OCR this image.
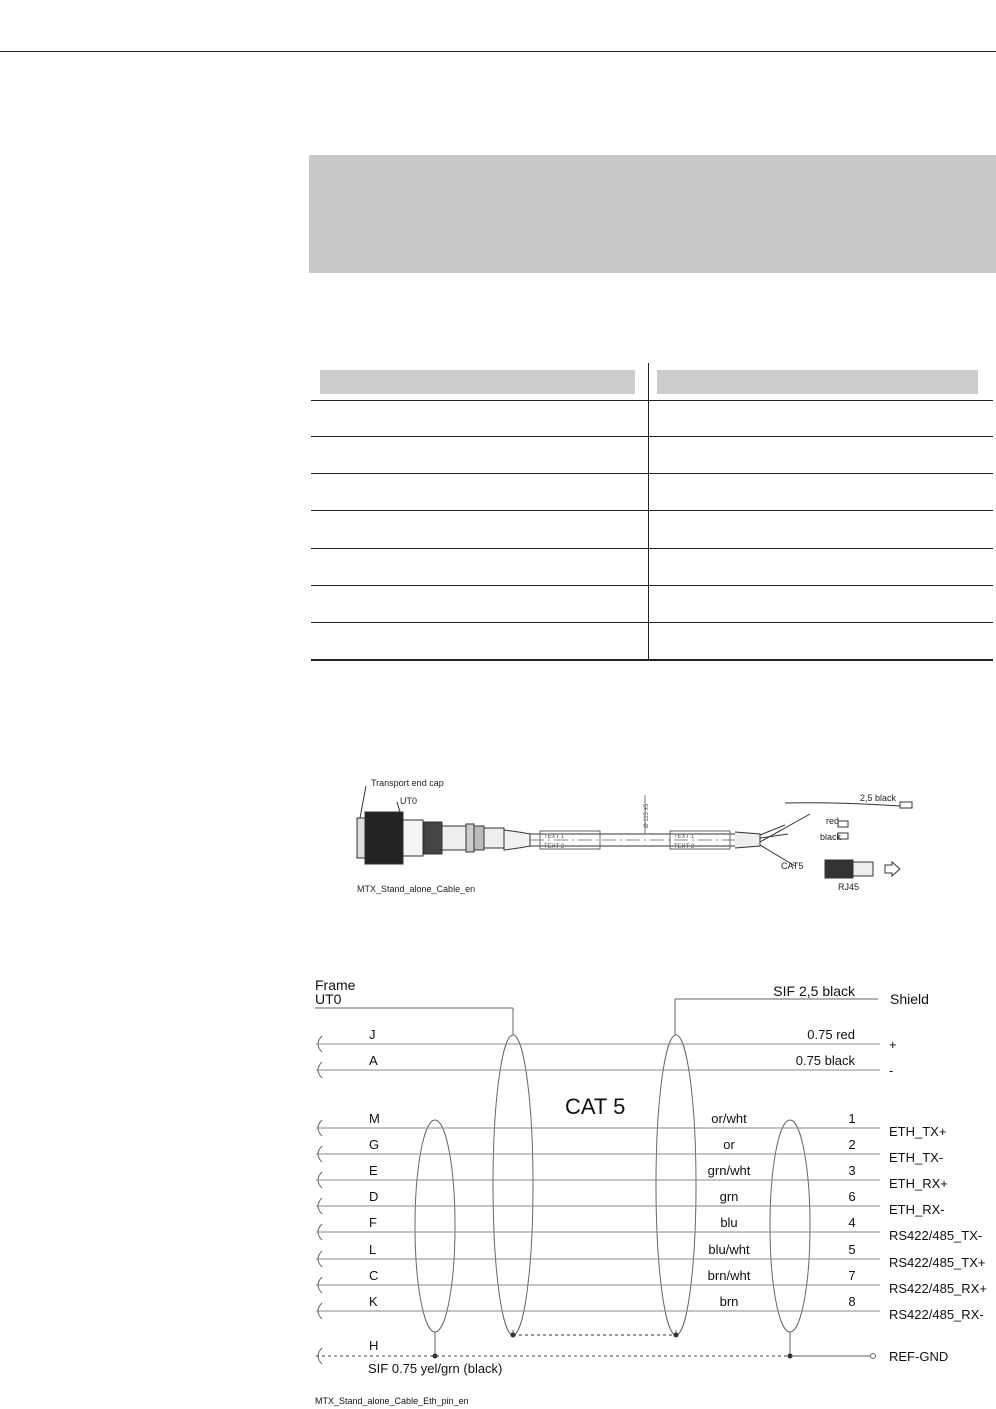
Transport end cap
UT0
TEXT 1
TEXT 2
TEXT 1
TEXT 2
Ø 115 ±5
2,5 black
red
black
CAT5
RJ45
MTX_Stand_alone_Cable_en
J	0.75 red
+
A	0.75 black
-
M	or/wht	1
ETH_TX+
G	or	2
ETH_TX-
E	grn/wht	3
ETH_RX+
D	grn	6
ETH_RX-
F	blu	4
RS422/485_TX-
L	blu/wht	5
RS422/485_TX+
C	brn/wht	7
RS422/485_RX+
K	brn	8
RS422/485_RX-
H
SIF 0.75 yel/grn (black)
REF-GND
Frame
UT0	SIF 2,5 black	Shield
CAT 5
MTX_Stand_alone_Cable_Eth_pin_en
